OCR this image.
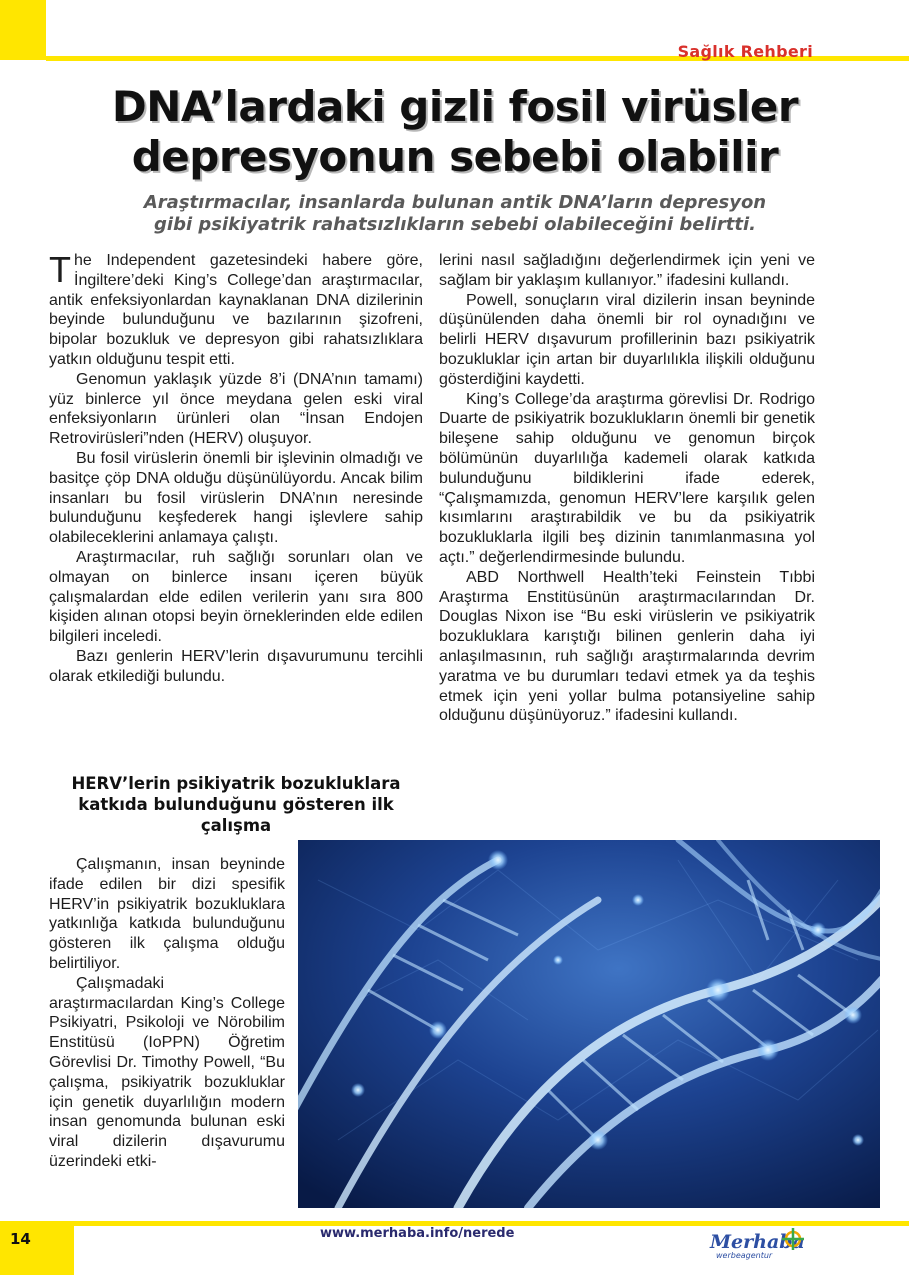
Sağlık Rehberi
DNA’lardaki gizli fosil virüsler
depresyonun sebebi olabilir
Araştırmacılar, insanlarda bulunan antik DNA’ların depresyon
gibi psikiyatrik rahatsızlıkların sebebi olabileceğini belirtti.

The Independent gazetesindeki habere göre, İngiltere’deki King’s College’dan araştırmacılar, antik enfeksiyonlardan kaynaklanan DNA dizilerinin beyinde bulunduğunu ve bazılarının şizofreni, bipolar bozukluk ve depresyon gibi rahatsızlıklara yatkın olduğunu tespit etti.

Genomun yaklaşık yüzde 8’i (DNA’nın tamamı) yüz binlerce yıl önce meydana gelen eski viral enfeksiyonların ürünleri olan “İnsan Endojen Retrovirüsleri”nden (HERV) oluşuyor.

Bu fosil virüslerin önemli bir işlevinin olmadığı ve basitçe çöp DNA olduğu düşünülüyordu. Ancak bilim insanları bu fosil virüslerin DNA’nın neresinde bulunduğunu keşfederek hangi işlevlere sahip olabileceklerini anlamaya çalıştı.

Araştırmacılar, ruh sağlığı sorunları olan ve olmayan on binlerce insanı içeren büyük çalışmalardan elde edilen verilerin yanı sıra 800 kişiden alınan otopsi beyin örneklerinden elde edilen bilgileri inceledi.

Bazı genlerin HERV’lerin dışavurumunu tercihli olarak etkilediği bulundu.

HERV’lerin psikiyatrik bozukluklara katkıda bulunduğunu gösteren ilk çalışma

Çalışmanın, insan beyninde ifade edilen bir dizi spesifik HERV’in psikiyatrik bozukluklara yatkınlığa katkıda bulunduğunu gösteren ilk çalışma olduğu belirtiliyor.

Çalışmadaki araştırmacılardan King’s College Psikiyatri, Psikoloji ve Nörobilim Enstitüsü (IoPPN) Öğretim Görevlisi Dr. Timothy Powell, “Bu çalışma, psikiyatrik bozukluklar için genetik duyarlılığın modern insan genomunda bulunan eski viral dizilerin dışavurumu üzerindeki etki-

lerini nasıl sağladığını değerlendirmek için yeni ve sağlam bir yaklaşım kullanıyor.” ifadesini kullandı.

Powell, sonuçların viral dizilerin insan beyninde düşünülenden daha önemli bir rol oynadığını ve belirli HERV dışavurum profillerinin bazı psikiyatrik bozukluklar için artan bir duyarlılıkla ilişkili olduğunu gösterdiğini kaydetti.

King’s College’da araştırma görevlisi Dr. Rodrigo Duarte de psikiyatrik bozuklukların önemli bir genetik bileşene sahip olduğunu ve genomun birçok bölümünün duyarlılığa kademeli olarak katkıda bulunduğunu bildiklerini ifade ederek, “Çalışmamızda, genomun HERV’lere karşılık gelen kısımlarını araştırabildik ve bu da psikiyatrik bozukluklarla ilgili beş dizinin tanımlanmasına yol açtı.” değerlendirmesinde bulundu.

ABD Northwell Health’teki Feinstein Tıbbi Araştırma Enstitüsünün araştırmacılarından Dr. Douglas Nixon ise “Bu eski virüslerin ve psikiyatrik bozukluklara karıştığı bilinen genlerin daha iyi anlaşılmasının, ruh sağlığı araştırmalarında devrim yaratma ve bu durumları tedavi etmek ya da teşhis etmek için yeni yollar bulma potansiyeline sahip olduğunu düşünüyoruz.” ifadesini kullandı.

14	www.merhaba.info/nerede	Merhaba
werbeagentur
